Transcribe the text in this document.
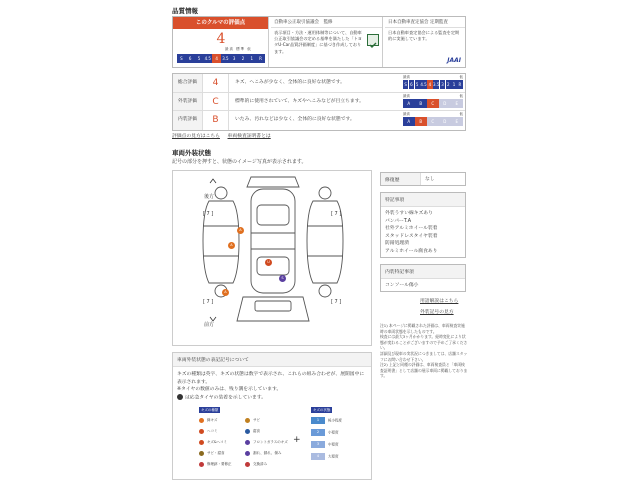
品質情報
このクルマの評価点
4
最高 標準 低
S	6	5	4.5	4	3.5	3	2	1	R
自動車公正取引協議会　監修
表示項目・方法・運用体制等について、自動車公正取引協議会の定める基準を満たした「トヨタU-Car品質評価制度」に基づき作成しております。
日本自動車査定協会 定期監査
日本自動車査定協会による監査を定期的に実施しています。
JAAI
総合評価	4	キズ、へこみが少なく、全体的に良好な状態です。
最高	低
S 6 5 4.5 4 3.5 3 2 1 R
外装評価	C	標準的に使用されていて、キズやへこみなどが目立ちます。
最高	低
A	B	C	D	E
内装評価	B	いたみ、汚れなどは少なく、全体的に良好な状態です。
最高	低
A	B	C	D	E
評価点の見方はこちら 車両検査証明書とは
車両外装状態
記号の部分を押すと、状態のイメージ写真が表示されます。
後方
前方
[ 7 ]	[ 7 ]
[ 7 ]	[ 7 ]
A
A
U
S
A
修復歴	なし
特記事項
外装うすい線キズあり
バンパーT.A
社外アルミホイール装着
スタッドレスタイヤ装着
防錆処理済
アルミホイール腐食あり
内装特記事項
コンソール傷小
用語解説はこちら
外装記号の見方
注1) 本ページに掲載された評価は、車両検査実施時の車両状態を示したものです。
検査には最大3ヶ月かかります。経時変化により状態が変わることがございますので予めご了承ください。
詳細及び現車の実状況につきましては、店舗スタッフにお問い合わせ下さい。
注2) 上記と同種の評価は、車両検査員と「車両検査証明書」として店舗の展示車両に掲載しております。
車両外装状態の表記記号について
キズの種類は英字、キズの状態は数字で表示され、これらの組み合わせが、展開図中に表示されます。
※タイヤの数値のみは、残り溝を示しています。
は応急タイヤの装着を示しています。
キズの種類	キズの状態
+
線キズ
ヘコミ
キズ&ヘコミ
サビ・腐食
修理跡・要修正
サビ
腐食
フロントガラスのキズ
割れ、錆れ、傷み
交換済み
1	極小程度
2	小程度
3	中程度
4	大程度
